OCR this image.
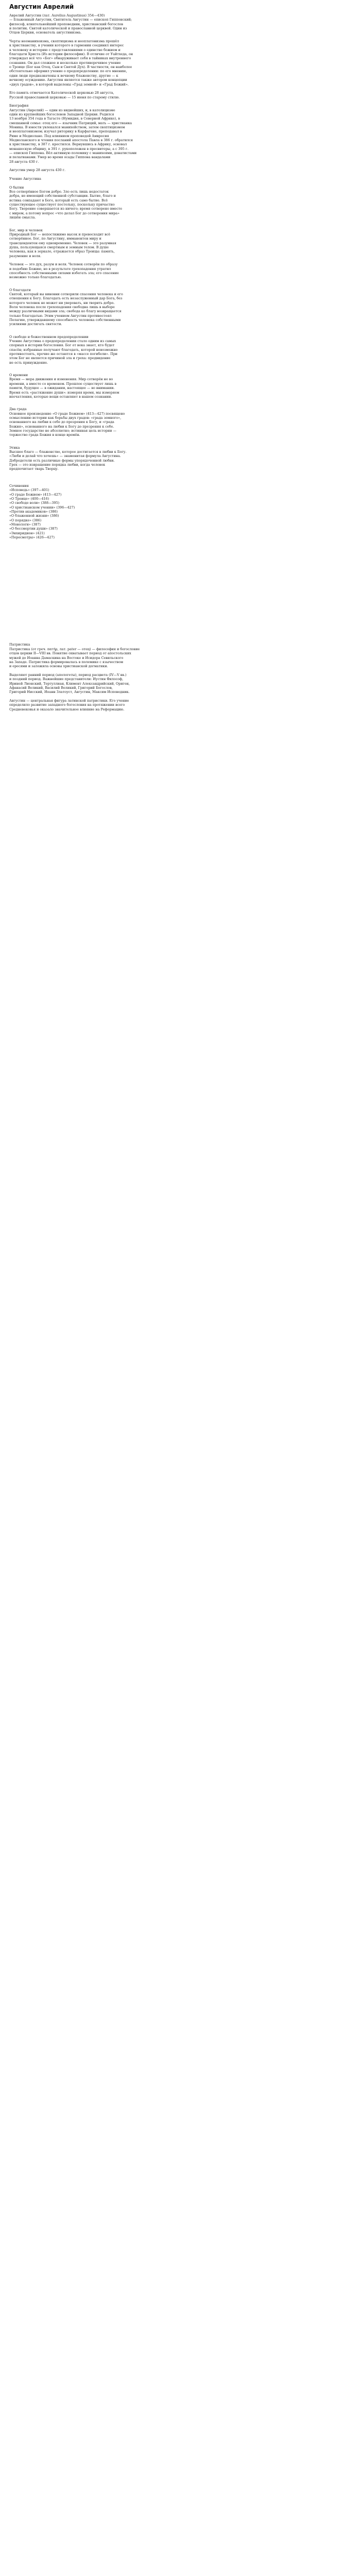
Августин Аврелий

Аврелий Августин (лат. Aurelius Augustinus) 354—430)

— Блаженный Августин, Святитель Августин — епископ Гиппонский;

философ, влиятельнейший проповедник, христианский богослов

и политик. Святой католической и православной церквей. Один из

Отцов Церкви, основатель августинизма.

Черты неоманихеизма, скептицизма и неоплатонизма прошёл

к христианству, в учении которого в гармонии соединил интерес

к человеку и историю с представлениями о единстве божием и

благодати Христа (Из истории философии). В отличие от Уайтхеда, он

утверждал всё что «Бог» обнаруживает себя в тайниках внутреннего

сознания. Он дал сложное и несколько противоречивое учение

о Троице (Бог как Отец, Сын и Святой Дух). В частности, он наиболее

обстоятельно оформил учение о предопределении: по его мнению,

одни люди предназначены к вечному блаженству, другие — к

вечному осуждению. Августин является также автором концепции

«двух градов», в которой выделены «Град земной» и «Град Божий».

Его память отмечается Католической церковью 28 августа,

Русской православной церковью — 15 июня по старому стилю.

Биография

Августин (Аврелий) — один из виднейших, и, в католицизме

один из крупнейших богословов Западной Церкви. Родился

13 ноября 354 года в Тагасте (Нумидия, в Северной Африке), в

смешанной семье: отец его — язычник Патриций, мать — христианка

Моника. В юности увлекался манихейством, затем скептицизмом

и неоплатонизмом; изучал риторику в Карфагене, преподавал в

Риме и Медиолане. Под влиянием проповедей Амвросия

Медиоланского и чтения посланий апостола Павла в 386 г. обратился

к христианству, в 387 г. крестился. Вернувшись в Африку, основал

монашескую общину, в 391 г. рукоположен в пресвитеры, а с 395 г.

— епископ Гиппона. Вёл активную полемику с манихеями, донатистами

и пелагианами. Умер во время осады Гиппона вандалами

28 августа 430 г.

Августин умер 28 августа 430 г.

Учение Августина

О бытии

Все сотворённое Богом добро. Зло есть лишь недостаток

добра, не имеющий собственной субстанции. Бытие, благо и

истина совпадают в Боге, который есть само бытие. Всё

существующее существует постольку, поскольку причастно

Богу. Творение совершается из ничего; время сотворено вместе

с миром, а потому вопрос «что делал Бог до сотворения мира»

лишён смысла.

Бог, мир и человек

Природный Бог — непостижимо высок и превосходит всё

сотворённое. Бог, по Августину, имманентен миру и

трансцендентен ему одновременно. Человек — это разумная

душа, пользующаяся смертным и земным телом. В душе

человека, как в зеркале, отражается образ Троицы: память,

разумение и воля.

Человек — это дух, разум и воля. Человек сотворён по образу

и подобию Божию, но в результате грехопадения утратил

способность собственными силами избегать зла; его спасение

возможно только благодатью.

О благодати

Святой, который вы виновни сотворили спасения человека и его

отношения к Богу. Благодать есть незаслуженный дар Бога, без

которого человек не может ни уверовать, ни творить добро.

Воля человека после грехопадения свободна лишь в выборе

между различными видами зла; свобода ко благу возвращается

только благодатью. Этим учением Августин противостоял

Пелагию, утверждавшему способность человека собственными

усилиями достигать святости.

О свободе и божественном предопределении

Учение Августина о предопределении стало одним из самых

спорных в истории богословия. Бог от века знает, кто будет

спасён; избранные получают благодать, которой невозможно

противостоять, прочие же остаются в «массе погибели». При

этом Бог не является причиной зла и греха: предвидение

не есть принуждение.

О времени

Время — мера движения и изменения. Мир сотворён не во

времени, а вместе со временем. Прошлое существует лишь в

памяти, будущее — в ожидании, настоящее — во внимании.

Время есть «растяжение души»: измеряя время, мы измеряем

впечатления, которые вещи оставляют в нашем сознании.

Два града

Основное произведение «О граде Божием» (413—427) посвящено

осмыслению истории как борьбы двух градов: «града земного»,

основанного на любви к себе до презрения к Богу, и «града

Божия», основанного на любви к Богу до презрения к себе.

Земное государство не абсолютно; истинная цель истории —

торжество града Божия в конце времён.

Этика

Высшее благо — блаженство, которое достигается в любви к Богу.

«Люби и делай что хочешь» — знаменитая формула Августина.

Добродетели есть различные формы упорядоченной любви.

Грех — это извращение порядка любви, когда человек

предпочитает тварь Творцу.

Сочинения

«Исповедь» (397—401)

«О граде Божием» (413—427)

«О Троице» (400—416)

«О свободе воли» (388—395)

«О христианском учении» (396—427)

«Против академиков» (386)

«О блаженной жизни» (386)

«О порядке» (386)

«Монологи» (387)

«О бессмертии души» (387)

«Энхиридион» (421)

«Пересмотры» (426—427)

Патристика

Патристика (от греч. πατήρ, лат. pater — отец) — философия и богословие

отцов церкви II—VIII вв. Понятие охватывает период от апостольских

мужей до Иоанна Дамаскина на Востоке и Исидора Севильского

на Западе. Патристика формировалась в полемике с язычеством

и ересями и заложила основы христианской догматики.

Выделяют ранний период (апологеты), период расцвета (IV—V вв.)

и поздний период. Важнейшие представители: Иустин Философ,

Ириней Лионский, Тертуллиан, Климент Александрийский, Ориген,

Афанасий Великий, Василий Великий, Григорий Богослов,

Григорий Нисский, Иоанн Златоуст, Августин, Максим Исповедник.

Августин — центральная фигура латинской патристики. Его учение

определило развитие западного богословия на протяжении всего

Средневековья и оказало значительное влияние на Реформацию.
